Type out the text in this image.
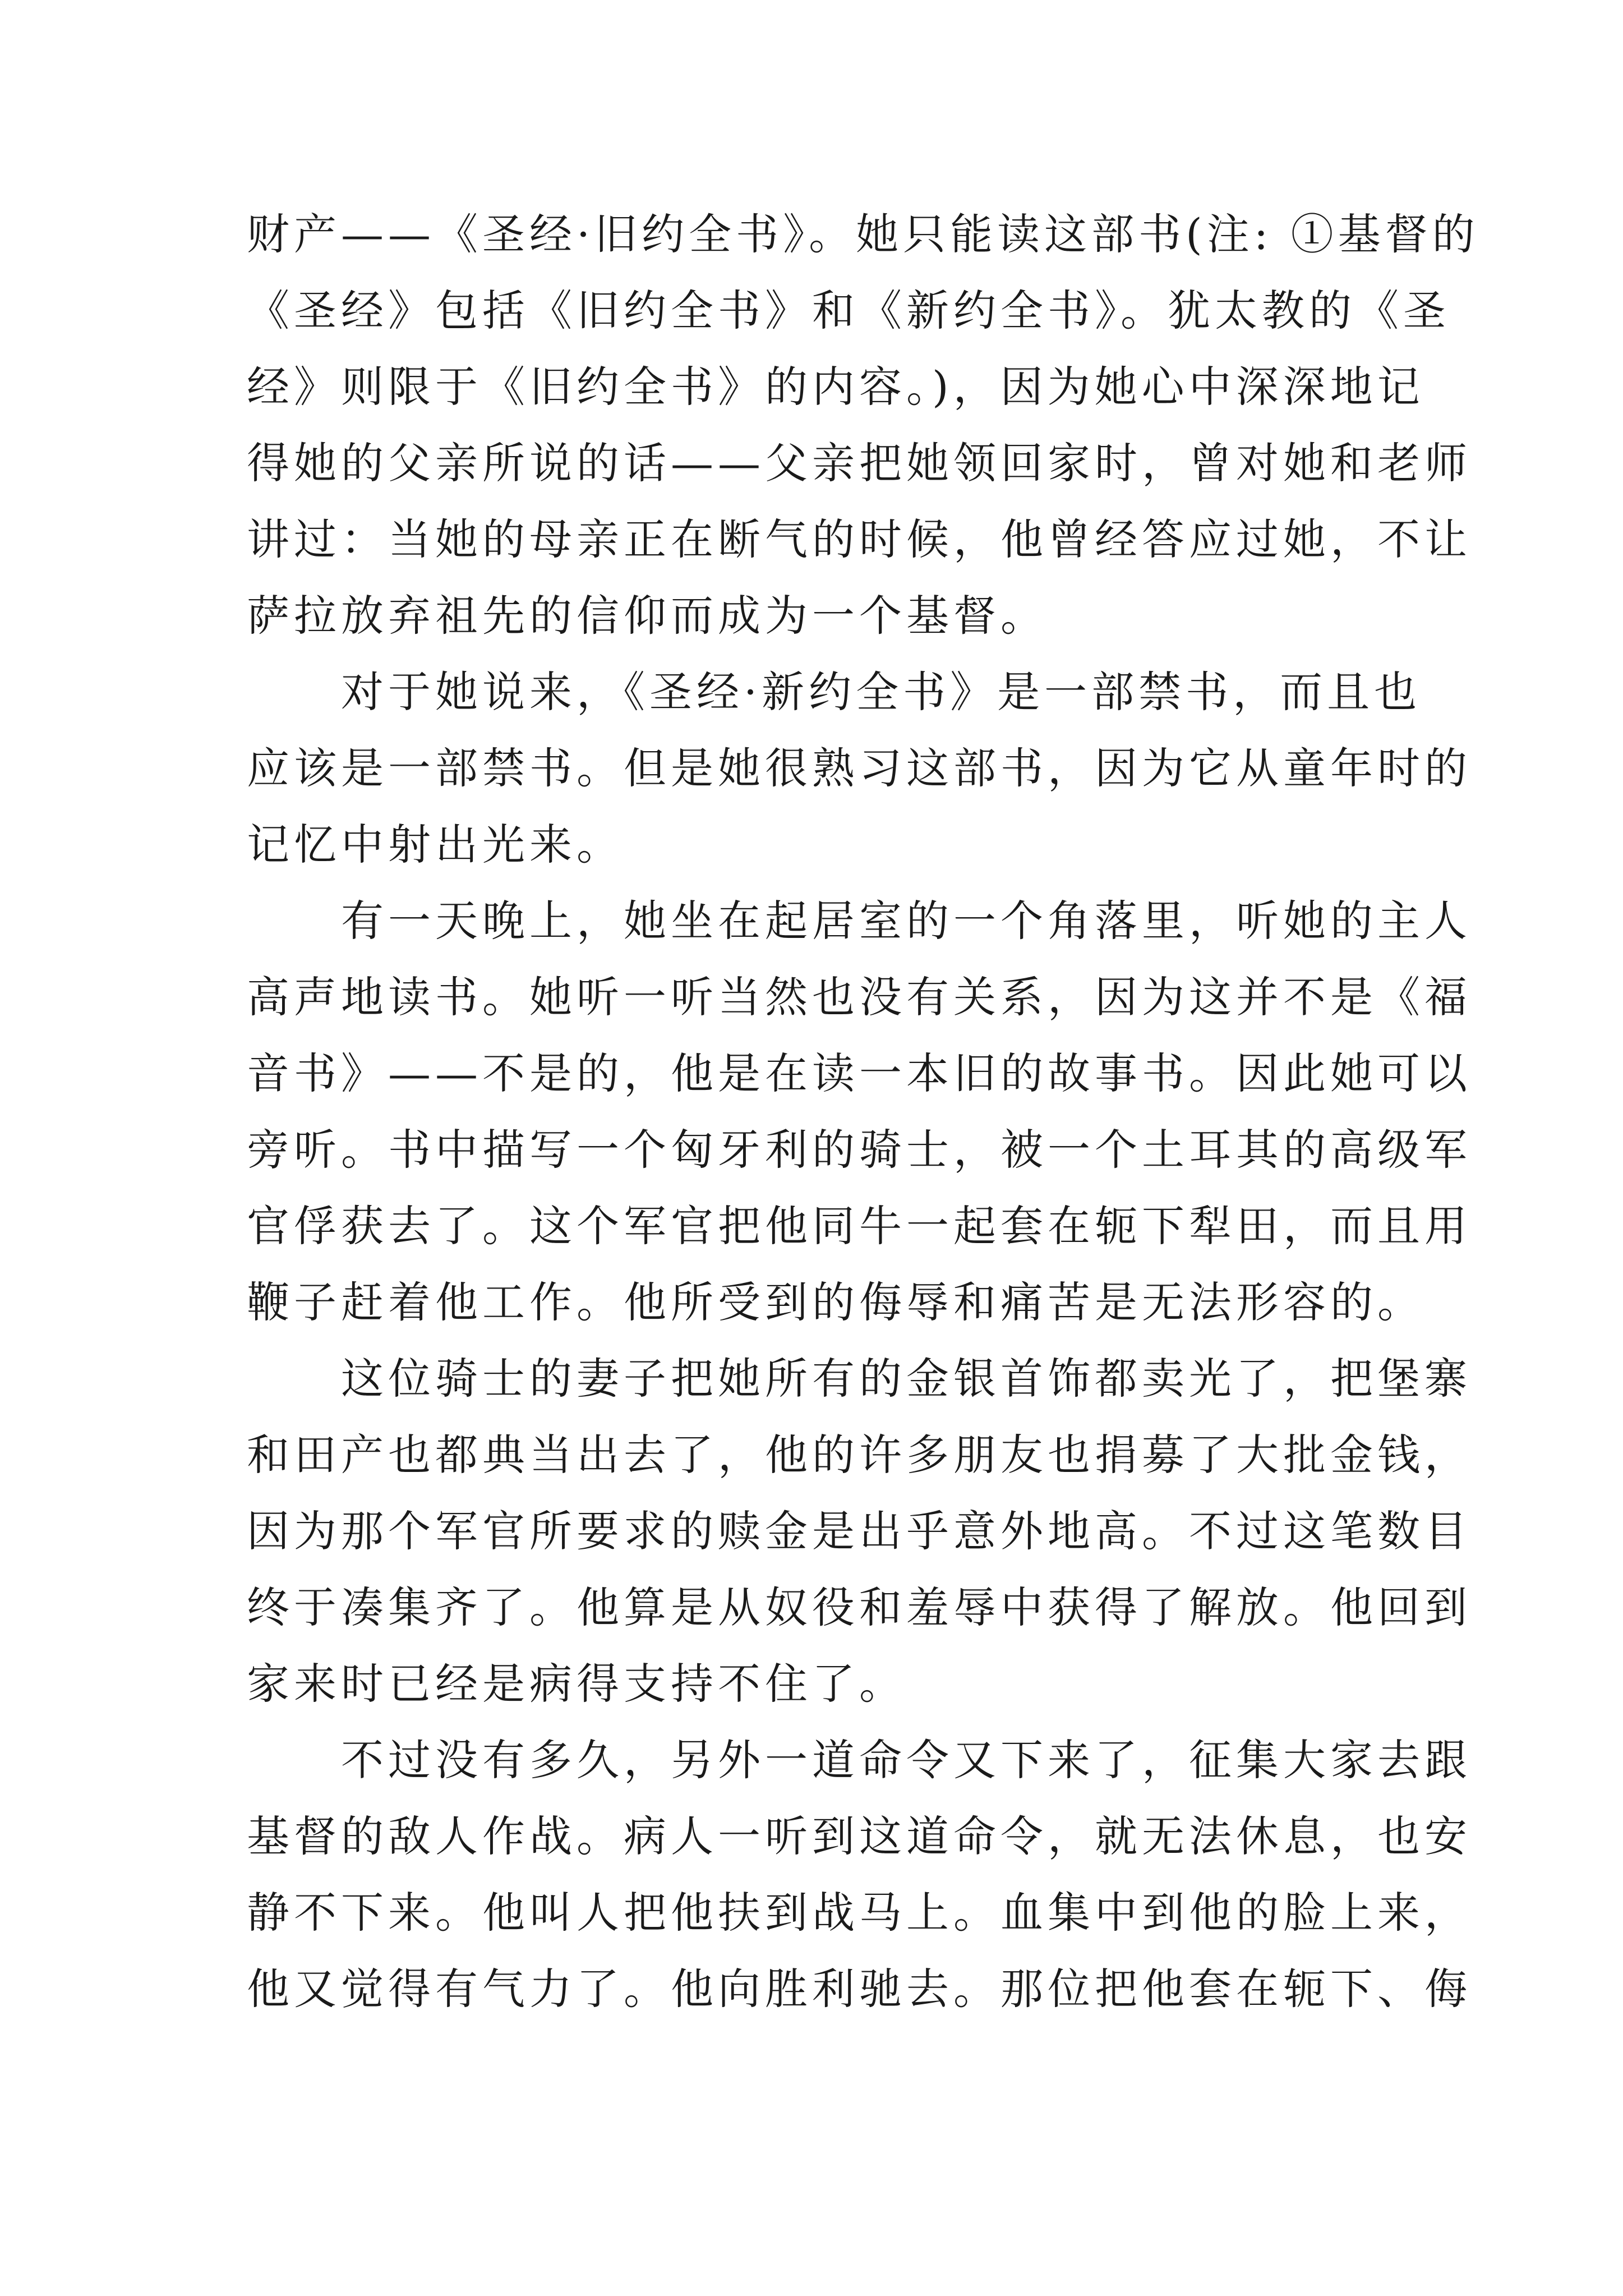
财产——《圣经·旧约全书》。她只能读这部书(注: ①基督的
《圣经》包括《旧约全书》和《新约全书》。犹太教的《圣
经》则限于《旧约全书》的内容。)，因为她心中深深地记
得她的父亲所说的话——父亲把她领回家时，曾对她和老师
讲过：当她的母亲正在断气的时候，他曾经答应过她，不让
萨拉放弃祖先的信仰而成为一个基督。
　　对于她说来，《圣经·新约全书》是一部禁书，而且也
应该是一部禁书。但是她很熟习这部书，因为它从童年时的
记忆中射出光来。
　　有一天晚上，她坐在起居室的一个角落里，听她的主人
高声地读书。她听一听当然也没有关系，因为这并不是《福
音书》——不是的，他是在读一本旧的故事书。因此她可以
旁听。书中描写一个匈牙利的骑士，被一个土耳其的高级军
官俘获去了。这个军官把他同牛一起套在轭下犁田，而且用
鞭子赶着他工作。他所受到的侮辱和痛苦是无法形容的。
　　这位骑士的妻子把她所有的金银首饰都卖光了，把堡寨
和田产也都典当出去了，他的许多朋友也捐募了大批金钱，
因为那个军官所要求的赎金是出乎意外地高。不过这笔数目
终于凑集齐了。他算是从奴役和羞辱中获得了解放。他回到
家来时已经是病得支持不住了。
　　不过没有多久，另外一道命令又下来了，征集大家去跟
基督的敌人作战。病人一听到这道命令，就无法休息，也安
静不下来。他叫人把他扶到战马上。血集中到他的脸上来，
他又觉得有气力了。他向胜利驰去。那位把他套在轭下、侮
